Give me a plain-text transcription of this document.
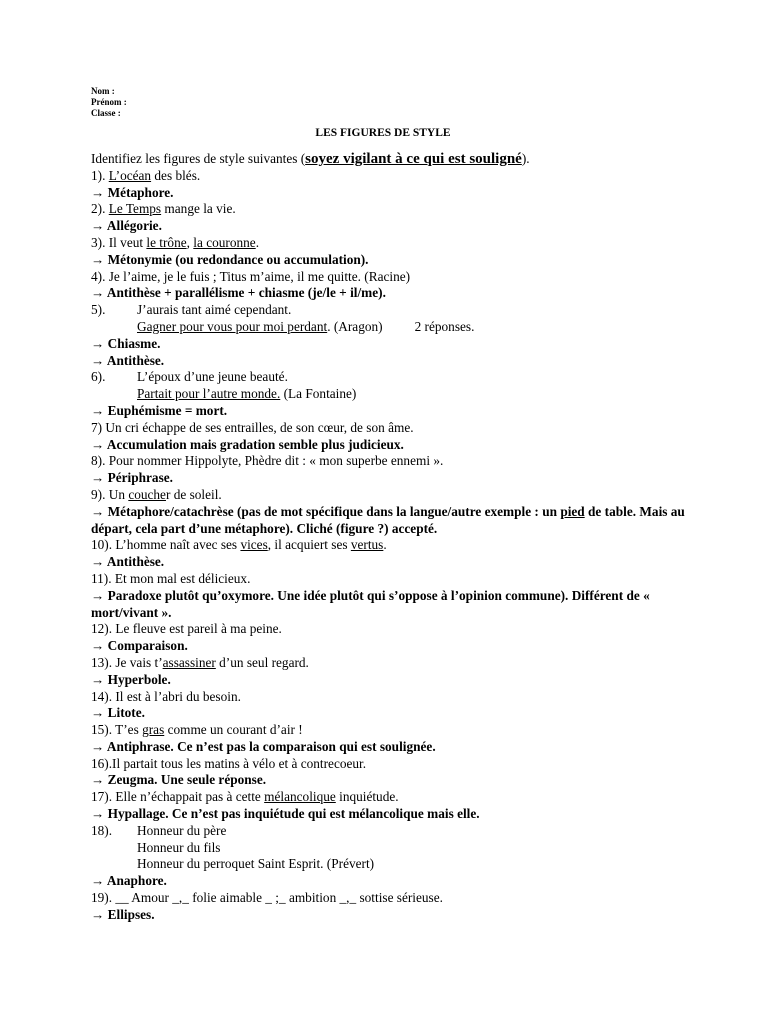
Nom :
Prénom :
Classe :
LES FIGURES DE STYLE
Identifiez les figures de style suivantes (soyez vigilant à ce qui est souligné).
1). L’océan des blés.
→ Métaphore.
2). Le Temps mange la vie.
→ Allégorie.
3). Il veut le trône, la couronne.
→ Métonymie (ou redondance ou accumulation).
4). Je l’aime, je le fuis ; Titus m’aime, il me quitte. (Racine)
→ Antithèse + parallélisme + chiasme (je/le + il/me).
5). J’aurais tant aimé cependant.
Gagner pour vous pour moi perdant. (Aragon) 2 réponses.
→ Chiasme.
→ Antithèse.
6). L’époux d’une jeune beauté.
Partait pour l’autre monde. (La Fontaine)
→ Euphémisme = mort.
7) Un cri échappe de ses entrailles, de son cœur, de son âme.
→ Accumulation mais gradation semble plus judicieux.
8). Pour nommer Hippolyte, Phèdre dit : « mon superbe ennemi ».
→ Périphrase.
9). Un coucher de soleil.
→ Métaphore/catachrèse (pas de mot spécifique dans la langue/autre exemple : un pied de table. Mais au départ, cela part d’une métaphore). Cliché (figure ?) accepté.
10). L’homme naît avec ses vices, il acquiert ses vertus.
→ Antithèse.
11). Et mon mal est délicieux.
→ Paradoxe plutôt qu’oxymore. Une idée plutôt qui s’oppose à l’opinion commune). Différent de « mort/vivant ».
12). Le fleuve est pareil à ma peine.
→ Comparaison.
13). Je vais t’assassiner d’un seul regard.
→ Hyperbole.
14). Il est à l’abri du besoin.
→ Litote.
15). T’es gras comme un courant d’air !
→ Antiphrase. Ce n’est pas la comparaison qui est soulignée.
16).Il partait tous les matins à vélo et à contrecoeur.
→ Zeugma. Une seule réponse.
17). Elle n’échappait pas à cette mélancolique inquiétude.
→ Hypallage. Ce n’est pas inquiétude qui est mélancolique mais elle.
18). Honneur du père
Honneur du fils
Honneur du perroquet Saint Esprit. (Prévert)
→ Anaphore.
19). __ Amour _,_ folie aimable _ ;_ ambition _,_ sottise sérieuse.
→ Ellipses.
